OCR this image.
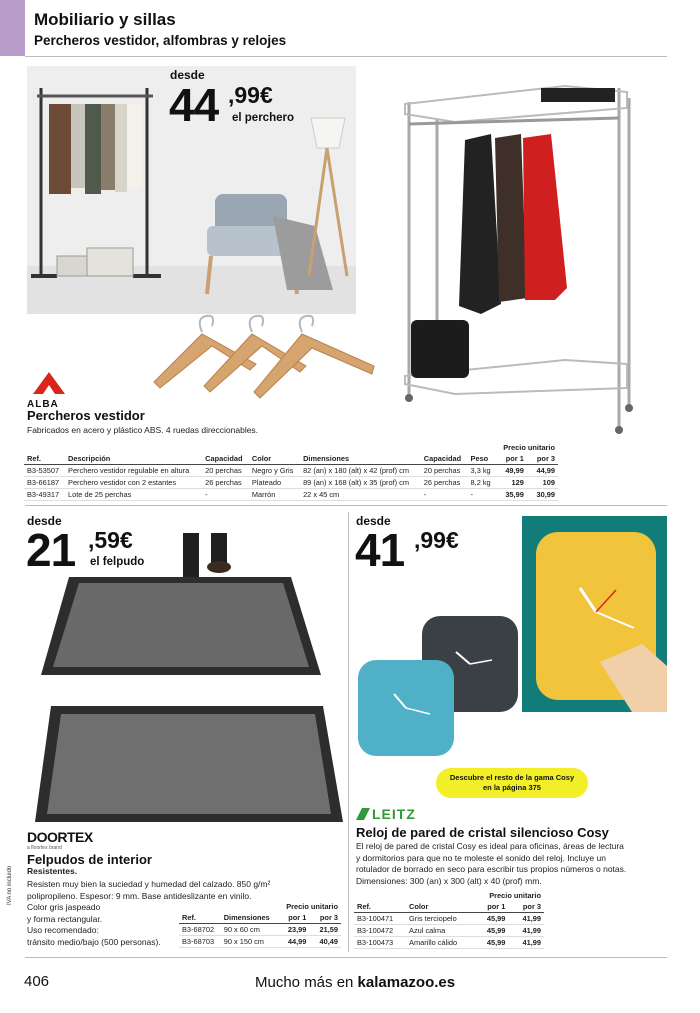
Mobiliario y sillas
Percheros vestidor, alfombras y relojes
desde
44 ,99€
el perchero
ALBA
Percheros vestidor
Fabricados en acero y plástico ABS. 4 ruedas direccionables.
							Precio unitario	
Ref.	Descripción	Capacidad	Color	Dimensiones	Capacidad	Peso	por 1	por 3
B3-53507	Perchero vestidor regulable en altura	20 perchas	Negro y Gris	82 (an) x 180 (alt) x 42 (prof) cm	20 perchas	3,3 kg	49,99	44,99
B3-66187	Perchero vestidor con 2 estantes	26 perchas	Plateado	89 (an) x 168 (alt) x 35 (prof) cm	26 perchas	8,2 kg	129	109
B3-49317	Lote de 25 perchas	-	Marrón	22 x 45 cm	-	-	35,99	30,99
desde
21 ,59€
el felpudo
DOORTEX
a floortex brand
Felpudos de interior
Resistentes.
Resisten muy bien la suciedad y humedad del calzado. 850 g/m²
polipropileno. Espesor: 9 mm. Base antideslizante en vinilo.
Color gris jaspeado
y forma rectangular.
Uso recomendado:
tránsito medio/bajo (500 personas).
		Precio unitario	
Ref.	Dimensiones	por 1	por 3
B3-68702	90 x 60 cm	23,99	21,59
B3-68703	90 x 150 cm	44,99	40,49
desde
41 ,99€
Descubre el resto de la gama Cosy
en la página 375
LEITZ
Reloj de pared de cristal silencioso Cosy
El reloj de pared de cristal Cosy es ideal para oficinas, áreas de lectura
y dormitorios para que no te moleste el sonido del reloj. Incluye un
rotulador de borrado en seco para escribir tus propios números o notas.
Dimensiones: 300 (an) x 300 (alt) x 40 (prof) mm.
		Precio unitario	
Ref.	Color	por 1	por 3
B3-100471	Gris terciopelo	45,99	41,99
B3-100472	Azul calma	45,99	41,99
B3-100473	Amarillo cálido	45,99	41,99
IVA no incluido
406	Mucho más en kalamazoo.es
